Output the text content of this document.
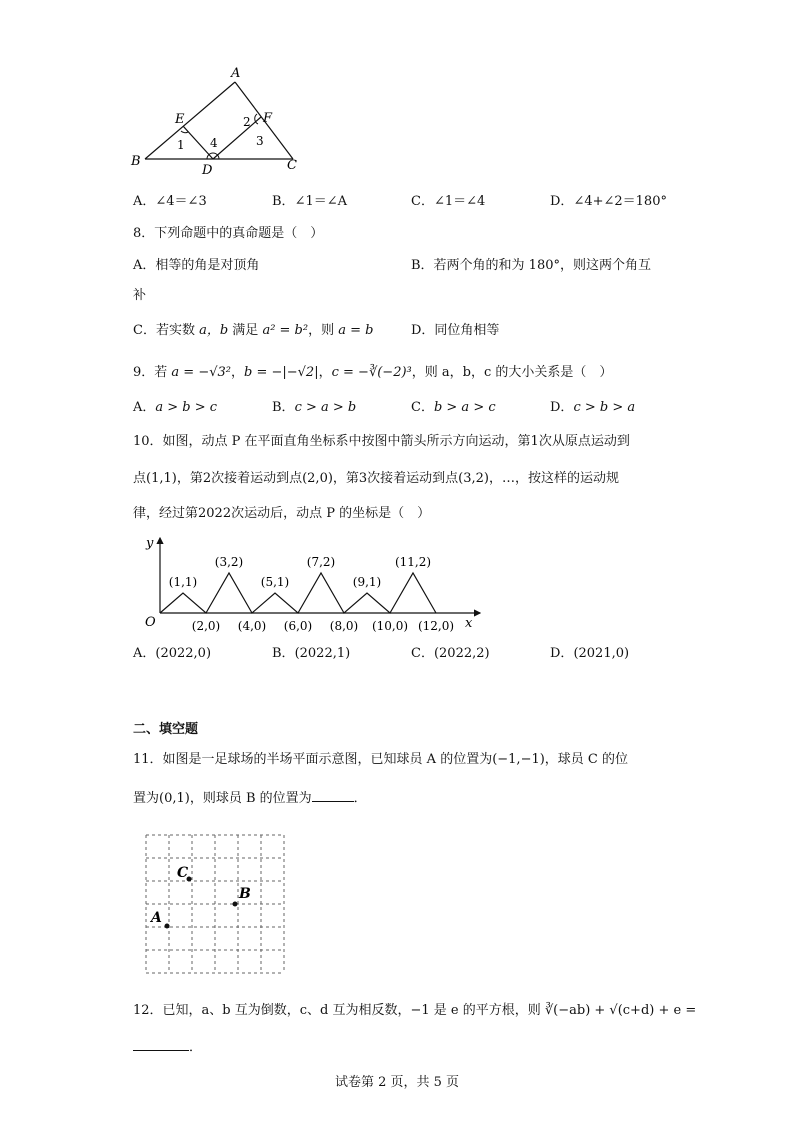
A
E	F
B
D	C
1
2
3
4
A．∠4＝∠3	B．∠1＝∠A	C．∠1＝∠4	D．∠4+∠2＝180°
8．下列命题中的真命题是（　）
A．相等的角是对顶角	B．若两个角的和为 180°，则这两个角互
补
C．若实数 a，b 满足 a² = b²，则 a = b	D．同位角相等
9．若 a = −√3²，b = −|−√2|，c = −∛(−2)³，则 a，b，c 的大小关系是（　）
A．a > b > c	B．c > a > b	C．b > a > c	D．c > b > a
10．如图，动点 P 在平面直角坐标系中按图中箭头所示方向运动，第1次从原点运动到
点(1,1)，第2次接着运动到点(2,0)，第3次接着运动到点(3,2)，…，按这样的运动规
律，经过第2022次运动后，动点 P 的坐标是（　）
y
x
O
(1,1)
(3,2)
(5,1)
(7,2)
(9,1)
(11,2)
(2,0) (4,0) (6,0) (8,0) (10,0) (12,0)
A．(2022,0)	B．(2022,1)	C．(2022,2)	D．(2021,0)
二、填空题
11．如图是一足球场的半场平面示意图，已知球员 A 的位置为(−1,−1)，球员 C 的位
置为(0,1)，则球员 B 的位置为	．
C
B
A
12．已知，a、b 互为倒数，c、d 互为相反数，−1 是 e 的平方根，则 ∛(−ab) + √(c+d) + e =
．
试卷第 2 页，共 5 页
